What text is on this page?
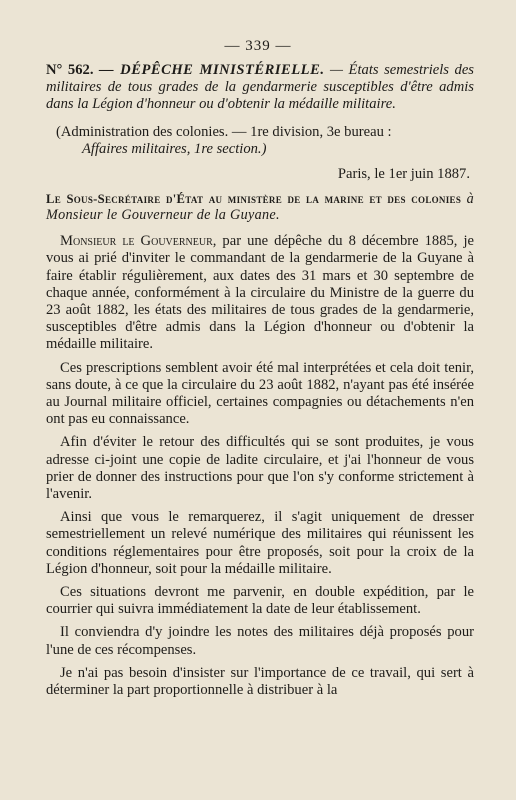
— 339 —

N° 562. — DÉPÊCHE MINISTÉRIELLE. — États semestriels des militaires de tous grades de la gendarmerie susceptibles d'être admis dans la Légion d'honneur ou d'obtenir la médaille militaire.

(Administration des colonies. — 1re division, 3e bureau :
Affaires militaires, 1re section.)

Paris, le 1er juin 1887.

Le Sous-Secrétaire d'État au ministère de la marine et des colonies à Monsieur le Gouverneur de la Guyane.

Monsieur le Gouverneur, par une dépêche du 8 décembre 1885, je vous ai prié d'inviter le commandant de la gendarmerie de la Guyane à faire établir régulièrement, aux dates des 31 mars et 30 septembre de chaque année, conformément à la circulaire du Ministre de la guerre du 23 août 1882, les états des militaires de tous grades de la gendarmerie, susceptibles d'être admis dans la Légion d'honneur ou d'obtenir la médaille militaire.

Ces prescriptions semblent avoir été mal interprétées et cela doit tenir, sans doute, à ce que la circulaire du 23 août 1882, n'ayant pas été insérée au Journal militaire officiel, certaines compagnies ou détachements n'en ont pas eu connaissance.

Afin d'éviter le retour des difficultés qui se sont produites, je vous adresse ci-joint une copie de ladite circulaire, et j'ai l'honneur de vous prier de donner des instructions pour que l'on s'y conforme strictement à l'avenir.

Ainsi que vous le remarquerez, il s'agit uniquement de dresser semestriellement un relevé numérique des militaires qui réunissent les conditions réglementaires pour être proposés, soit pour la croix de la Légion d'honneur, soit pour la médaille militaire.

Ces situations devront me parvenir, en double expédition, par le courrier qui suivra immédiatement la date de leur établissement.

Il conviendra d'y joindre les notes des militaires déjà proposés pour l'une de ces récompenses.

Je n'ai pas besoin d'insister sur l'importance de ce travail, qui sert à déterminer la part proportionnelle à distribuer à la
